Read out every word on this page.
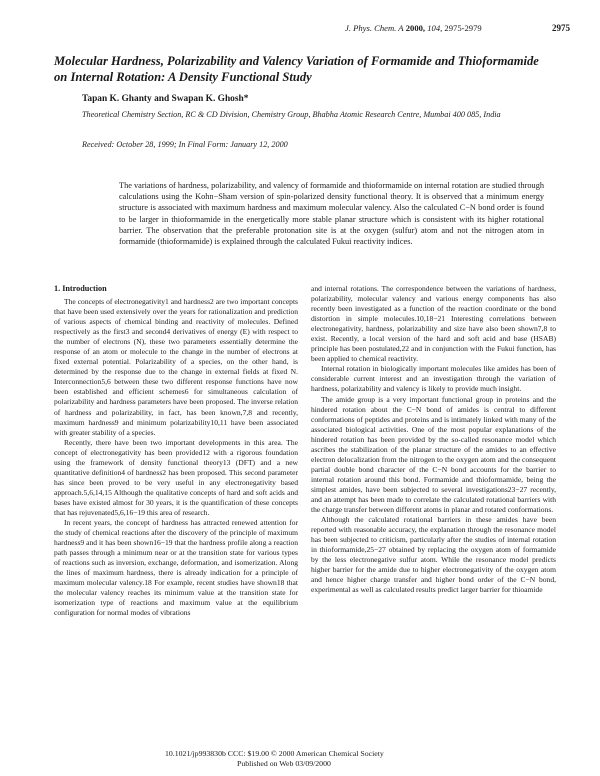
J. Phys. Chem. A 2000, 104, 2975-2979	2975
Molecular Hardness, Polarizability and Valency Variation of Formamide and Thioformamide on Internal Rotation: A Density Functional Study
Tapan K. Ghanty and Swapan K. Ghosh*
Theoretical Chemistry Section, RC & CD Division, Chemistry Group, Bhabha Atomic Research Centre, Mumbai 400 085, India
Received: October 28, 1999; In Final Form: January 12, 2000
The variations of hardness, polarizability, and valency of formamide and thioformamide on internal rotation are studied through calculations using the Kohn−Sham version of spin-polarized density functional theory. It is observed that a minimum energy structure is associated with maximum hardness and maximum molecular valency. Also the calculated C−N bond order is found to be larger in thioformamide in the energetically more stable planar structure which is consistent with its higher rotational barrier. The observation that the preferable protonation site is at the oxygen (sulfur) atom and not the nitrogen atom in formamide (thioformamide) is explained through the calculated Fukui reactivity indices.
1. Introduction

The concepts of electronegativity1 and hardness2 are two important concepts that have been used extensively over the years for rationalization and prediction of various aspects of chemical binding and reactivity of molecules. Defined respectively as the first3 and second4 derivatives of energy (E) with respect to the number of electrons (N), these two parameters essentially determine the response of an atom or molecule to the change in the number of electrons at fixed external potential. Polarizability of a species, on the other hand, is determined by the response due to the change in external fields at fixed N. Interconnection5,6 between these two different response functions have now been established and efficient schemes6 for simultaneous calculation of polarizability and hardness parameters have been proposed. The inverse relation of hardness and polarizability, in fact, has been known,7,8 and recently, maximum hardness9 and minimum polarizability10,11 have been associated with greater stability of a species.

Recently, there have been two important developments in this area. The concept of electronegativity has been provided12 with a rigorous foundation using the framework of density functional theory13 (DFT) and a new quantitative definition4 of hardness2 has been proposed. This second parameter has since been proved to be very useful in any electronegativity based approach.5,6,14,15 Although the qualitative concepts of hard and soft acids and bases have existed almost for 30 years, it is the quantification of these concepts that has rejuvenated5,6,16−19 this area of research.

In recent years, the concept of hardness has attracted renewed attention for the study of chemical reactions after the discovery of the principle of maximum hardness9 and it has been shown16−19 that the hardness profile along a reaction path passes through a minimum near or at the transition state for various types of reactions such as inversion, exchange, deformation, and isomerization. Along the lines of maximum hardness, there is already indication for a principle of maximum molecular valency.18 For example, recent studies have shown18 that the molecular valency reaches its minimum value at the transition state for isomerization type of reactions and maximum value at the equilibrium configuration for normal modes of vibrations

and internal rotations. The correspondence between the variations of hardness, polarizability, molecular valency and various energy components has also recently been investigated as a function of the reaction coordinate or the bond distortion in simple molecules.10,18−21 Interesting correlations between electronegativity, hardness, polarizability and size have also been shown7,8 to exist. Recently, a local version of the hard and soft acid and base (HSAB) principle has been postulated,22 and in conjunction with the Fukui function, has been applied to chemical reactivity.

Internal rotation in biologically important molecules like amides has been of considerable current interest and an investigation through the variation of hardness, polarizability and valency is likely to provide much insight.

The amide group is a very important functional group in proteins and the hindered rotation about the C−N bond of amides is central to different conformations of peptides and proteins and is intimately linked with many of the associated biological activities. One of the most popular explanations of the hindered rotation has been provided by the so-called resonance model which ascribes the stabilization of the planar structure of the amides to an effective electron delocalization from the nitrogen to the oxygen atom and the consequent partial double bond character of the C−N bond accounts for the barrier to internal rotation around this bond. Formamide and thioformamide, being the simplest amides, have been subjected to several investigations23−27 recently, and an attempt has been made to correlate the calculated rotational barriers with the charge transfer between different atoms in planar and rotated conformations.

Although the calculated rotational barriers in these amides have been reported with reasonable accuracy, the explanation through the resonance model has been subjected to criticism, particularly after the studies of internal rotation in thioformamide,25−27 obtained by replacing the oxygen atom of formamide by the less electronegative sulfur atom. While the resonance model predicts higher barrier for the amide due to higher electronegativity of the oxygen atom and hence higher charge transfer and higher bond order of the C−N bond, experimental as well as calculated results predict larger barrier for thioamide

10.1021/jp993830b CCC: $19.00 © 2000 American Chemical Society
Published on Web 03/09/2000
